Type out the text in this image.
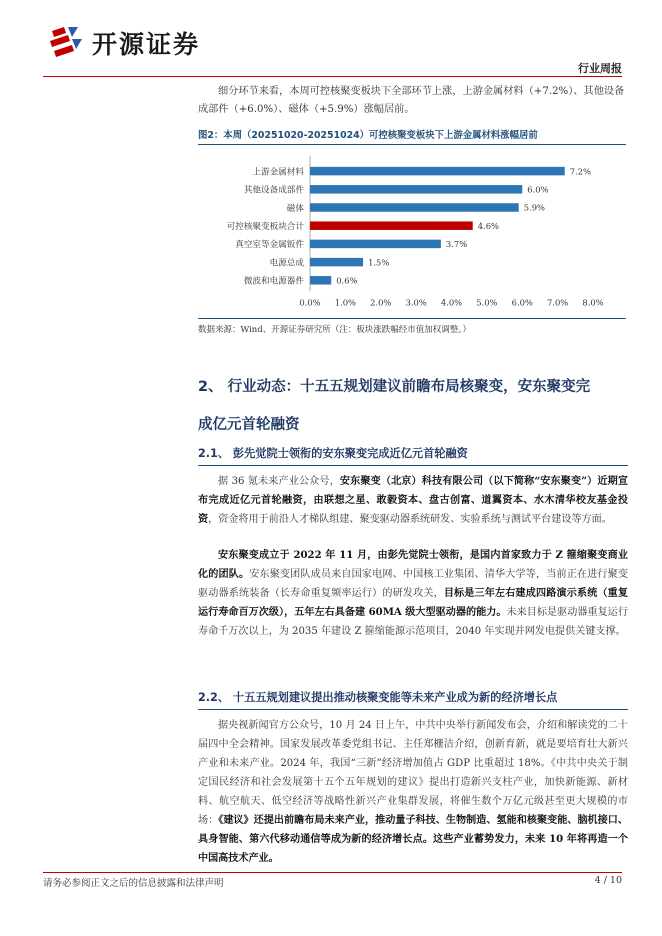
开源证券
行业周报

细分环节来看，本周可控核聚变板块下全部环节上涨，上游金属材料（+7.2%）、其他设备成部件（+6.0%）、磁体（+5.9%）涨幅居前。

图2：本周（20251020-20251024）可控核聚变板块下上游金属材料涨幅居前
上游金属材料	7.2%
其他设备成部件	6.0%
磁体	5.9%
可控核聚变板块合计	4.6%
真空室等金属钣件	3.7%
电源总成	1.5%
微波和电源器件	0.6%
0.0% 1.0% 2.0% 3.0% 4.0% 5.0% 6.0% 7.0% 8.0%
数据来源：Wind、开源证券研究所（注：板块涨跌幅经市值加权调整。）
2、 行业动态：十五五规划建议前瞻布局核聚变，安东聚变完
成亿元首轮融资
2.1、 彭先觉院士领衔的安东聚变完成近亿元首轮融资

据 36 氪未来产业公众号，安东聚变（北京）科技有限公司（以下简称“安东聚变”）近期宣布完成近亿元首轮融资，由联想之星、敢毅资本、盘古创富、道翼资本、水木清华校友基金投资，资金将用于前沿人才梯队组建、聚变驱动器系统研发、实验系统与测试平台建设等方面。

安东聚变成立于 2022 年 11 月，由彭先觉院士领衔，是国内首家致力于 Z 箍缩聚变商业化的团队。安东聚变团队成员来自国家电网、中国核工业集团、清华大学等，当前正在进行聚变驱动器系统装备（长寿命重复频率运行）的研发攻关，目标是三年左右建成四路演示系统（重复运行寿命百万次级），五年左右具备建 60MA 级大型驱动器的能力。未来目标是驱动器重复运行寿命千万次以上，为 2035 年建设 Z 箍缩能源示范项目，2040 年实现并网发电提供关键支撑。

2.2、 十五五规划建议提出推动核聚变能等未来产业成为新的经济增长点

据央视新闻官方公众号，10 月 24 日上午，中共中央举行新闻发布会，介绍和解读党的二十届四中全会精神。国家发展改革委党组书记、主任郑栅洁介绍，创新育新，就是要培育壮大新兴产业和未来产业。2024 年，我国“三新”经济增加值占 GDP 比重超过 18%。《中共中央关于制定国民经济和社会发展第十五个五年规划的建议》提出打造新兴支柱产业，加快新能源、新材料、航空航天、低空经济等战略性新兴产业集群发展，将催生数个万亿元级甚至更大规模的市场：《建议》还提出前瞻布局未来产业，推动量子科技、生物制造、氢能和核聚变能、脑机接口、具身智能、第六代移动通信等成为新的经济增长点。这些产业蓄势发力，未来 10 年将再造一个中国高技术产业。

请务必参阅正文之后的信息披露和法律声明	4 / 10
